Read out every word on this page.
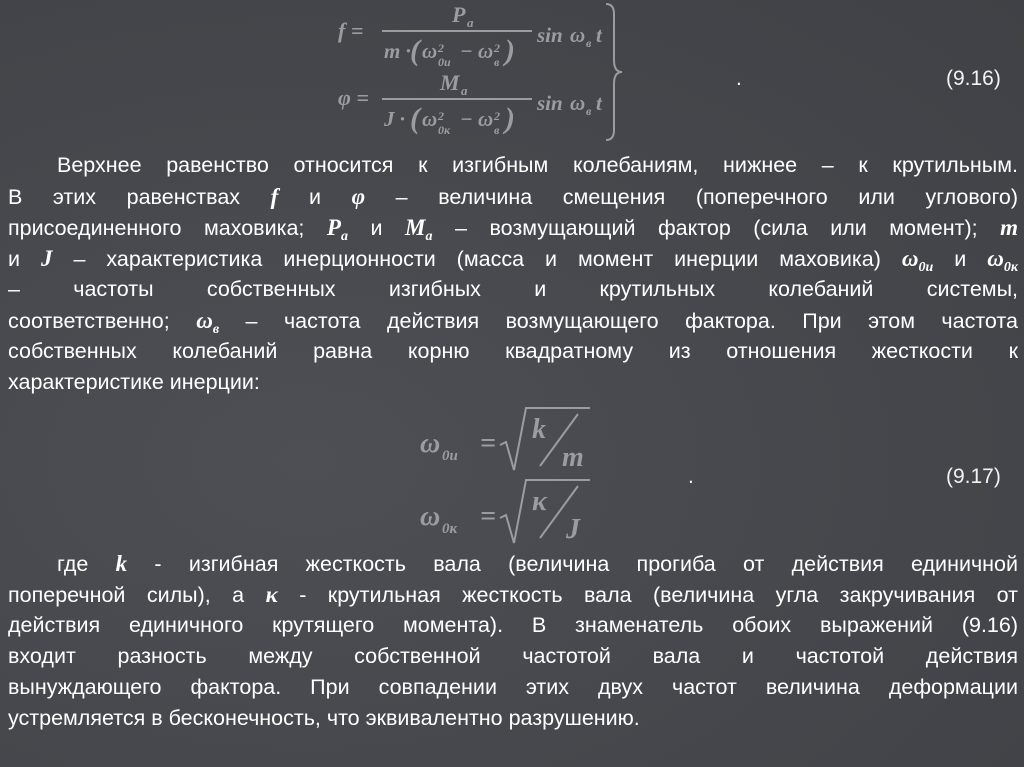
f =
P a
m · ( ω 2
0и − ω 2
в ) sin ω в t
φ =
M a
J · ( ω 2
0к − ω 2
в ) sin ω в t
.	(9.16)
Верхнее равенство относится к изгибным колебаниям, нижнее – к крутильным.
В этих равенствах f и φ – величина смещения (поперечного или углового)
присоединенного маховика; $P_a$ и $M_a$ – возмущающий фактор (сила или момент); m
и J – характеристика инерционности (масса и момент инерции маховика) $\omega_{0и}$ и $\omega_{0к}$
– частоты собственных изгибных и крутильных колебаний системы,
соответственно; $\omega_в$ – частота действия возмущающего фактора. При этом частота
собственных колебаний равна корню квадратному из отношения жесткости к
характеристике инерции:
ω 0и = k
m
ω 0к = κ
J
.	(9.17)
где k - изгибная жесткость вала (величина прогиба от действия единичной
поперечной силы), а κ - крутильная жесткость вала (величина угла закручивания от
действия единичного крутящего момента). В знаменатель обоих выражений (9.16)
входит разность между собственной частотой вала и частотой действия
вынуждающего фактора. При совпадении этих двух частот величина деформации
устремляется в бесконечность, что эквивалентно разрушению.
